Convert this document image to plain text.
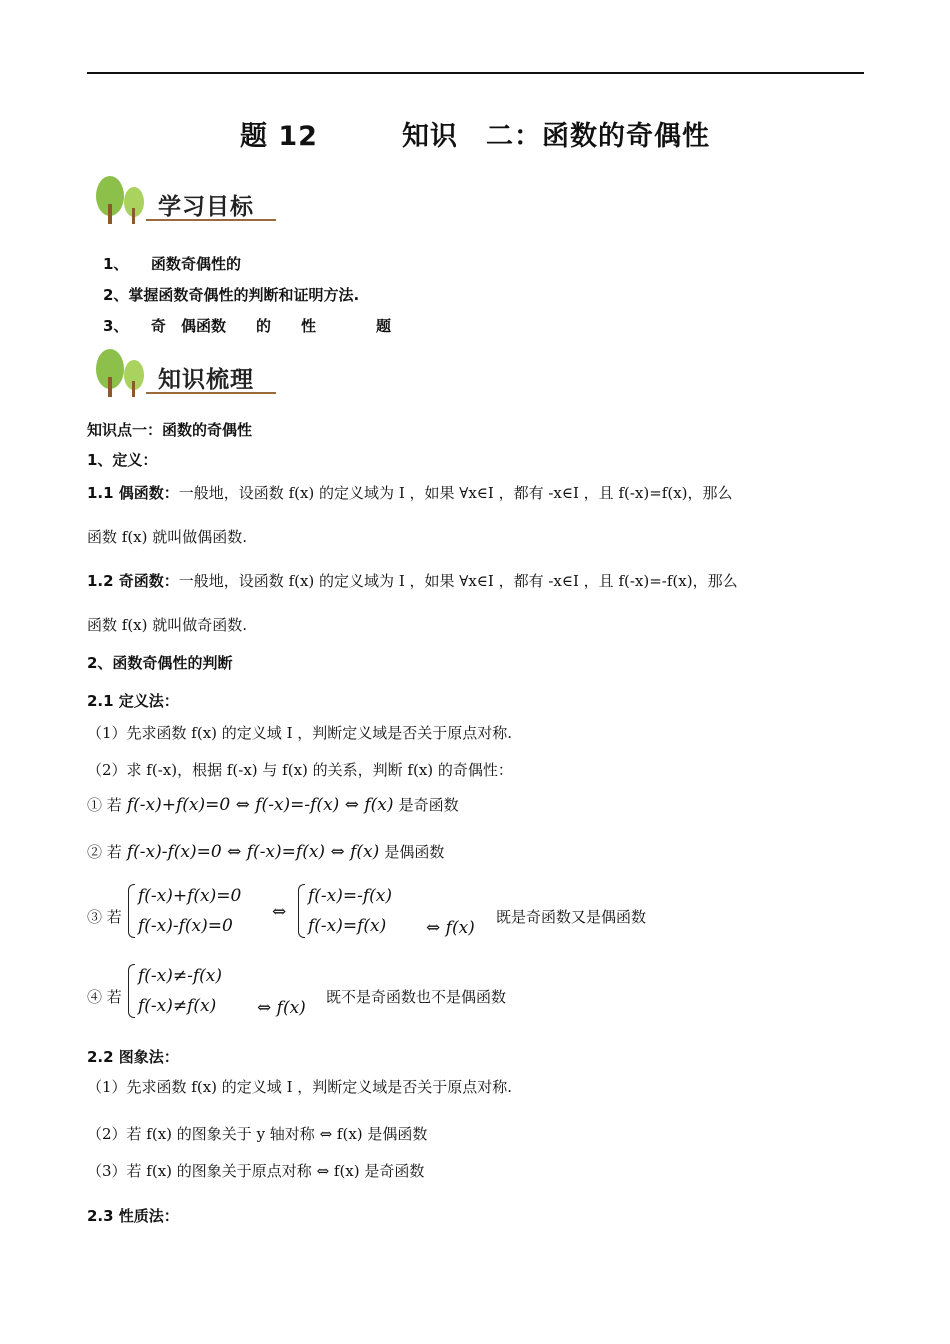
题 12　　　知识　二：函数的奇偶性
学习目标
1、　　函数奇偶性的
2、掌握函数奇偶性的判断和证明方法.
3、　　奇　偶函数　　的　　性　　　　题
知识梳理
知识点一：函数的奇偶性
1、定义：
1.1 偶函数：一般地，设函数 f(x) 的定义域为 I ，如果 ∀x∈I ，都有 -x∈I ，且 f(-x)=f(x)，那么
函数 f(x) 就叫做偶函数.
1.2 奇函数：一般地，设函数 f(x) 的定义域为 I ，如果 ∀x∈I ，都有 -x∈I ，且 f(-x)=-f(x)，那么
函数 f(x) 就叫做奇函数.
2、函数奇偶性的判断
2.1 定义法：
（1）先求函数 f(x) 的定义域 I ，判断定义域是否关于原点对称.
（2）求 f(-x)，根据 f(-x) 与 f(x) 的关系，判断 f(x) 的奇偶性：
① 若 f(-x)+f(x)=0 ⇔ f(-x)=-f(x) ⇔ f(x) 是奇函数
② 若 f(-x)-f(x)=0 ⇔ f(-x)=f(x) ⇔ f(x) 是偶函数
③ 若
f(-x)+f(x)=0
f(-x)-f(x)=0
⇔
f(-x)=-f(x)
f(-x)=f(x) ⇔ f(x)
既是奇函数又是偶函数
④ 若
f(-x)≠-f(x)
f(-x)≠f(x) ⇔ f(x)
既不是奇函数也不是偶函数
2.2 图象法：
（1）先求函数 f(x) 的定义域 I ，判断定义域是否关于原点对称.
（2）若 f(x) 的图象关于 y 轴对称 ⇔ f(x) 是偶函数
（3）若 f(x) 的图象关于原点对称 ⇔ f(x) 是奇函数
2.3 性质法：
